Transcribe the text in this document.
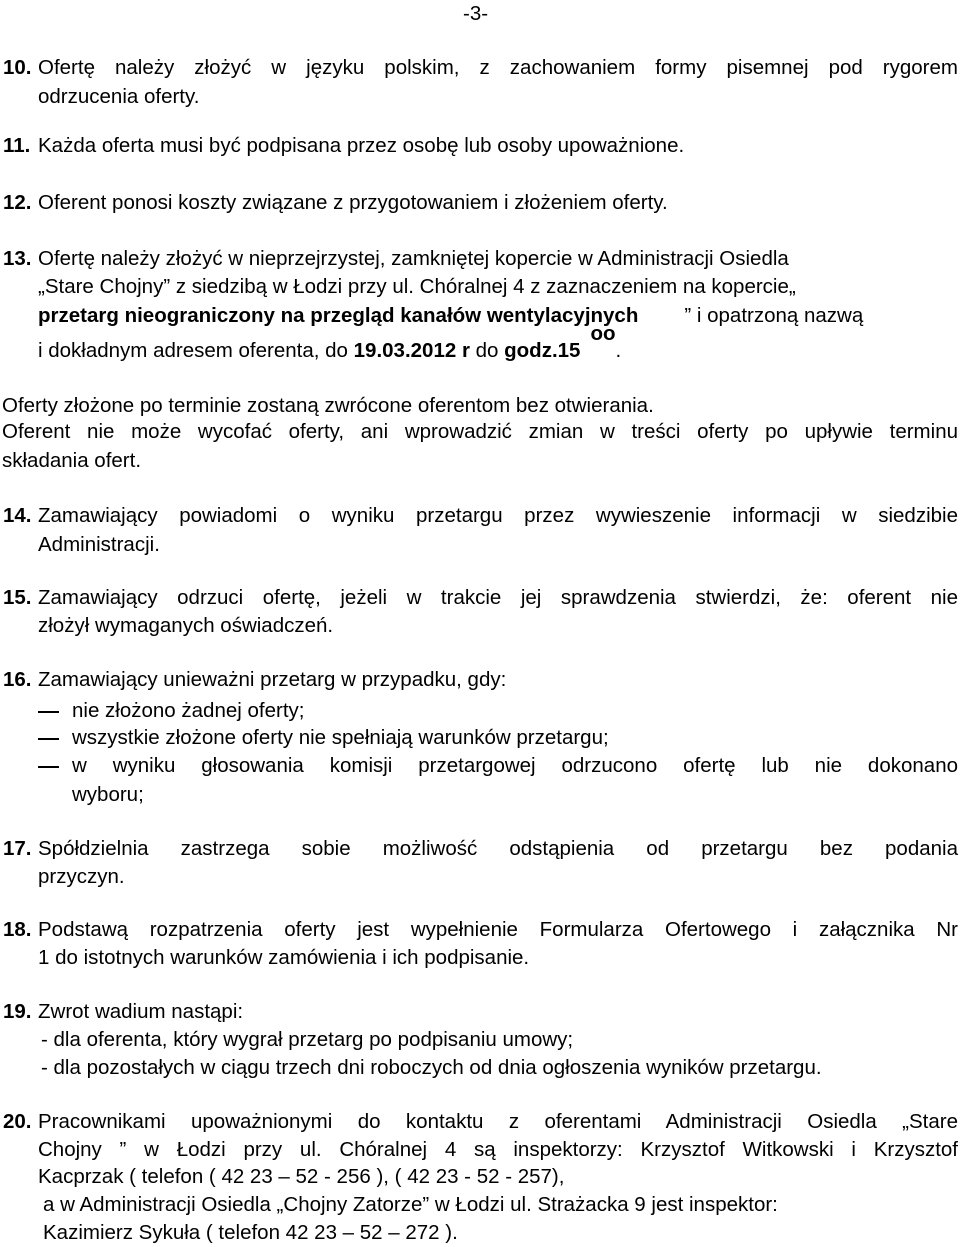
-3-
10. Ofertę należy złożyć w języku polskim, z zachowaniem formy pisemnej pod rygorem
odrzucenia oferty.
11. Każda oferta musi być podpisana przez osobę lub osoby upoważnione.
12. Oferent ponosi koszty związane z przygotowaniem i złożeniem oferty.
13. Ofertę należy złożyć w nieprzejrzystej, zamkniętej kopercie w Administracji Osiedla
„Stare Chojny” z siedzibą w Łodzi przy ul. Chóralnej 4 z zaznaczeniem na kopercie„
przetarg nieograniczony na przegląd kanałów wentylacyjnych ” i opatrzoną nazwą
i dokładnym adresem oferenta, do 19.03.2012 r do godz.15oo.
Oferty złożone po terminie zostaną zwrócone oferentom bez otwierania.
Oferent nie może wycofać oferty, ani wprowadzić zmian w treści oferty po upływie terminu
składania ofert.
14. Zamawiający powiadomi o wyniku przetargu przez wywieszenie informacji w siedzibie
Administracji.
15. Zamawiający odrzuci ofertę, jeżeli w trakcie jej sprawdzenia stwierdzi, że: oferent nie
złożył wymaganych oświadczeń.
16. Zamawiający unieważni przetarg w przypadku, gdy:
nie złożono żadnej oferty;
wszystkie złożone oferty nie spełniają warunków przetargu;
w wyniku głosowania komisji przetargowej odrzucono ofertę lub nie dokonano
wyboru;
17. Spółdzielnia zastrzega sobie możliwość odstąpienia od przetargu bez podania
przyczyn.
18. Podstawą rozpatrzenia oferty jest wypełnienie Formularza Ofertowego i załącznika Nr
1 do istotnych warunków zamówienia i ich podpisanie.
19. Zwrot wadium nastąpi:
- dla oferenta, który wygrał przetarg po podpisaniu umowy;
- dla pozostałych w ciągu trzech dni roboczych od dnia ogłoszenia wyników przetargu.
20. Pracownikami upoważnionymi do kontaktu z oferentami Administracji Osiedla „Stare
Chojny ” w Łodzi przy ul. Chóralnej 4 są inspektorzy: Krzysztof Witkowski i Krzysztof
Kacprzak ( telefon ( 42 23 – 52 - 256 ), ( 42 23 - 52 - 257),
a w Administracji Osiedla „Chojny Zatorze” w Łodzi ul. Strażacka 9 jest inspektor:
Kazimierz Sykuła ( telefon 42 23 – 52 – 272 ).
